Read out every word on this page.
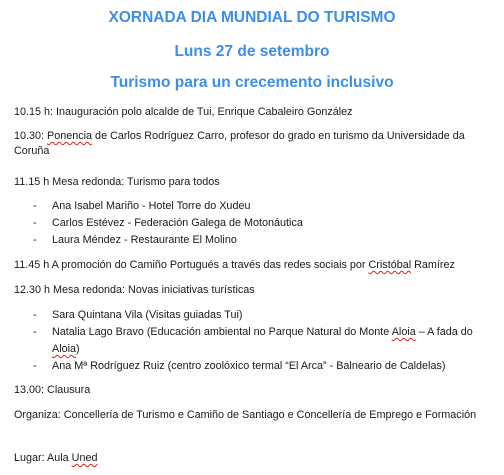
XORNADA DIA MUNDIAL DO TURISMO
Luns 27 de setembro
Turismo para un crecemento inclusivo
10.15 h: Inauguración polo alcalde de Tui, Enrique Cabaleiro González
10.30: Ponencia de Carlos Rodríguez Carro, profesor do grado en turismo da Universidade da Coruña
11.15 h Mesa redonda: Turismo para todos
- Ana Isabel Mariño - Hotel Torre do Xudeu
- Carlos Estévez - Federación Galega de Motonáutica
- Laura Méndez - Restaurante El Molino
11.45 h A promoción do Camiño Portugués a través das redes sociais por Cristóbal Ramírez
12.30 h Mesa redonda: Novas iniciativas turísticas
- Sara Quintana Vila (Visitas guiadas Tui)
- Natalia Lago Bravo (Educación ambiental no Parque Natural do Monte Aloia – A fada do
Aloia)
- Ana Mª Rodríguez Ruiz (centro zoolóxico termal “El Arca” - Balneario de Caldelas)
13.00: Clausura
Organiza: Concellería de Turismo e Camiño de Santiago e Concellería de Emprego e Formación
Lugar: Aula Uned
